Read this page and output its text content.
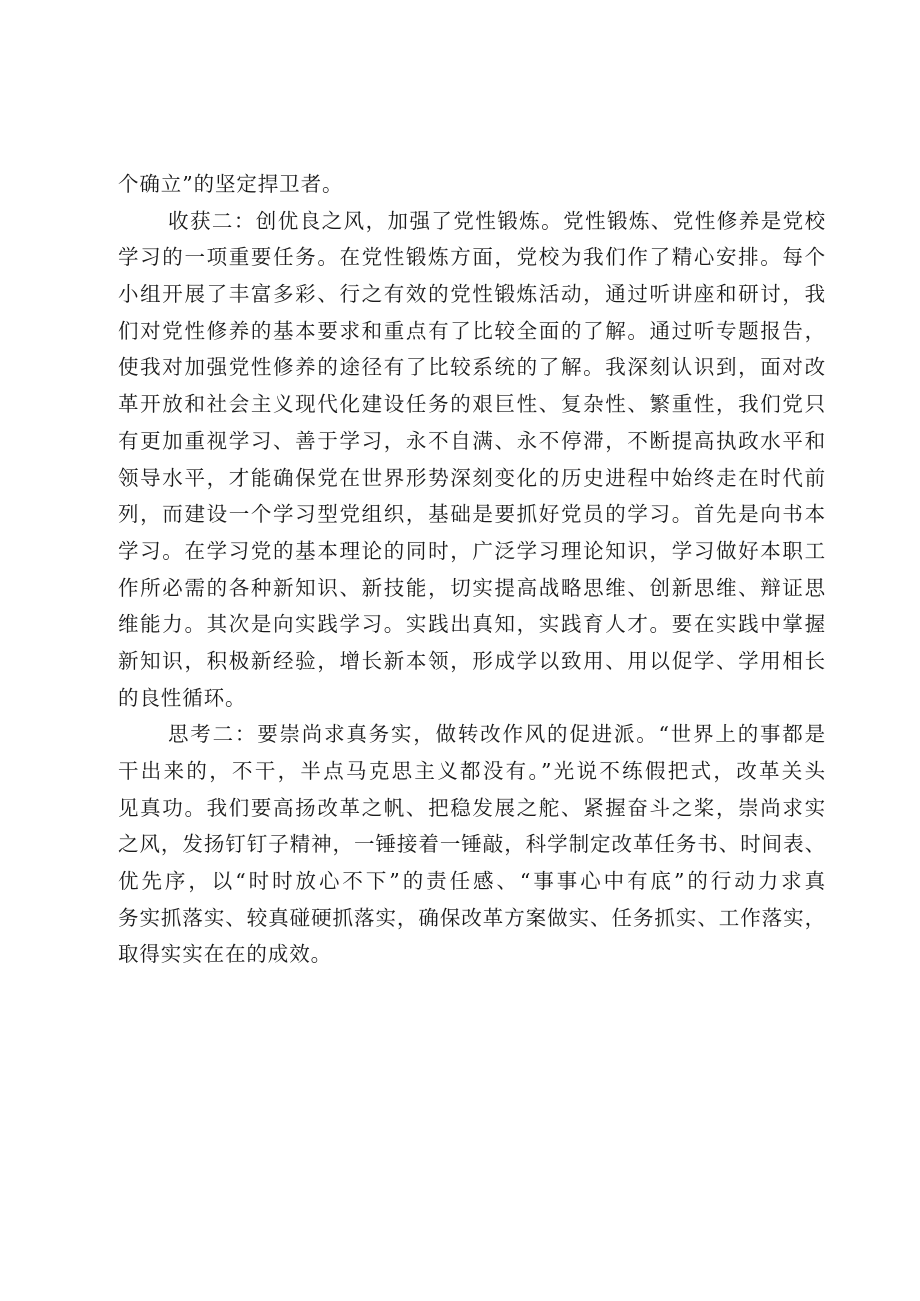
个确立”的坚定捍卫者。
收获二：创优良之风，加强了党性锻炼。党性锻炼、党性修养是党校
学习的一项重要任务。在党性锻炼方面，党校为我们作了精心安排。每个
小组开展了丰富多彩、行之有效的党性锻炼活动，通过听讲座和研讨，我
们对党性修养的基本要求和重点有了比较全面的了解。通过听专题报告，
使我对加强党性修养的途径有了比较系统的了解。我深刻认识到，面对改
革开放和社会主义现代化建设任务的艰巨性、复杂性、繁重性，我们党只
有更加重视学习、善于学习，永不自满、永不停滞，不断提高执政水平和
领导水平，才能确保党在世界形势深刻变化的历史进程中始终走在时代前
列，而建设一个学习型党组织，基础是要抓好党员的学习。首先是向书本
学习。在学习党的基本理论的同时，广泛学习理论知识，学习做好本职工
作所必需的各种新知识、新技能，切实提高战略思维、创新思维、辩证思
维能力。其次是向实践学习。实践出真知，实践育人才。要在实践中掌握
新知识，积极新经验，增长新本领，形成学以致用、用以促学、学用相长
的良性循环。
思考二：要崇尚求真务实，做转改作风的促进派。“世界上的事都是
干出来的，不干，半点马克思主义都没有。”光说不练假把式，改革关头
见真功。我们要高扬改革之帆、把稳发展之舵、紧握奋斗之桨，崇尚求实
之风，发扬钉钉子精神，一锤接着一锤敲，科学制定改革任务书、时间表、
优先序，以“时时放心不下”的责任感、“事事心中有底”的行动力求真
务实抓落实、较真碰硬抓落实，确保改革方案做实、任务抓实、工作落实，
取得实实在在的成效。
